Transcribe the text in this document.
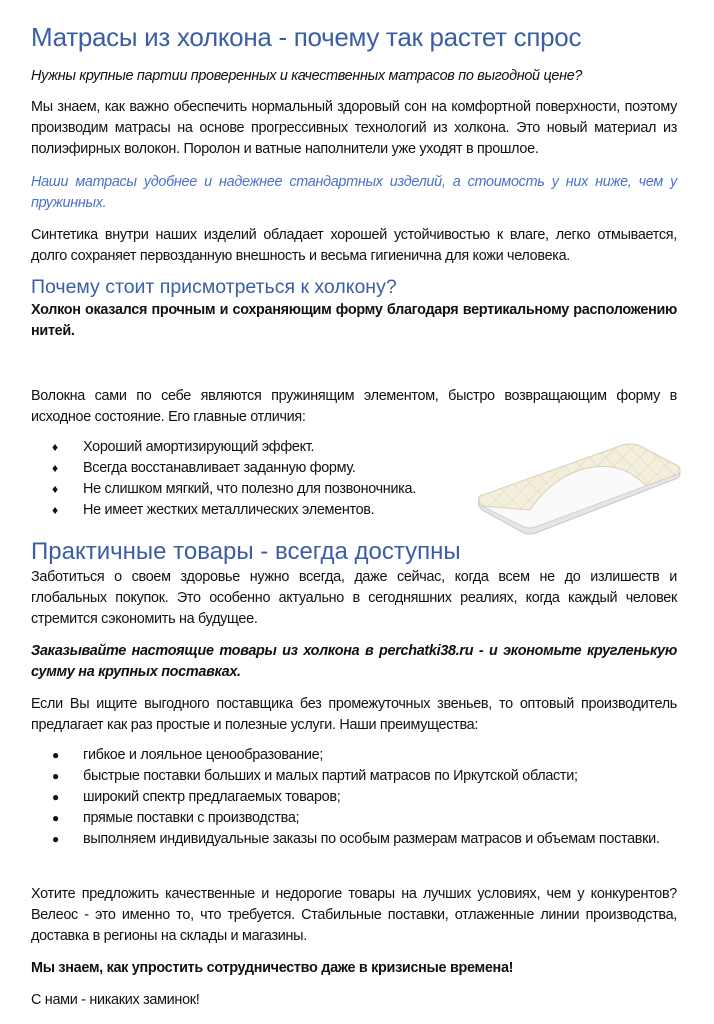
Матрасы из холкона - почему так растет спрос

Нужны крупные партии проверенных и качественных матрасов по выгодной цене?

Мы знаем, как важно обеспечить нормальный здоровый сон на комфортной поверхности, поэтому производим матрасы на основе прогрессивных технологий из холкона. Это новый материал из полиэфирных волокон. Поролон и ватные наполнители уже уходят в прошлое.

Наши матрасы удобнее и надежнее стандартных изделий, а стоимость у них ниже, чем у пружинных.

Синтетика внутри наших изделий обладает хорошей устойчивостью к влаге, легко отмывается, долго сохраняет первозданную внешность и весьма гигиенична для кожи человека.

Почему стоит присмотреться к холкону?

Холкон оказался прочным и сохраняющим форму благодаря вертикальному расположению нитей.

Волокна сами по себе являются пружинящим элементом, быстро возвращающим форму в исходное состояние. Его главные отличия:

♦ Хороший амортизирующий эффект.
♦ Всегда восстанавливает заданную форму.
♦ Не слишком мягкий, что полезно для позвоночника.
♦ Не имеет жестких металлических элементов.
Практичные товары - всегда доступны

Заботиться о своем здоровье нужно всегда, даже сейчас, когда всем не до излишеств и глобальных покупок. Это особенно актуально в сегодняшних реалиях, когда каждый человек стремится сэкономить на будущее.

Заказывайте настоящие товары из холкона в perchatki38.ru - и экономьте кругленькую сумму на крупных поставках.

Если Вы ищите выгодного поставщика без промежуточных звеньев, то оптовый производитель предлагает как раз простые и полезные услуги. Наши преимущества:

● гибкое и лояльное ценообразование;
● быстрые поставки больших и малых партий матрасов по Иркутской области;
● широкий спектр предлагаемых товаров;
● прямые поставки с производства;
● выполняем индивидуальные заказы по особым размерам матрасов и объемам поставки.

Хотите предложить качественные и недорогие товары на лучших условиях, чем у конкурентов? Велеос - это именно то, что требуется. Стабильные поставки, отлаженные линии производства, доставка в регионы на склады и магазины.

Мы знаем, как упростить сотрудничество даже в кризисные времена!

С нами - никаких заминок!
